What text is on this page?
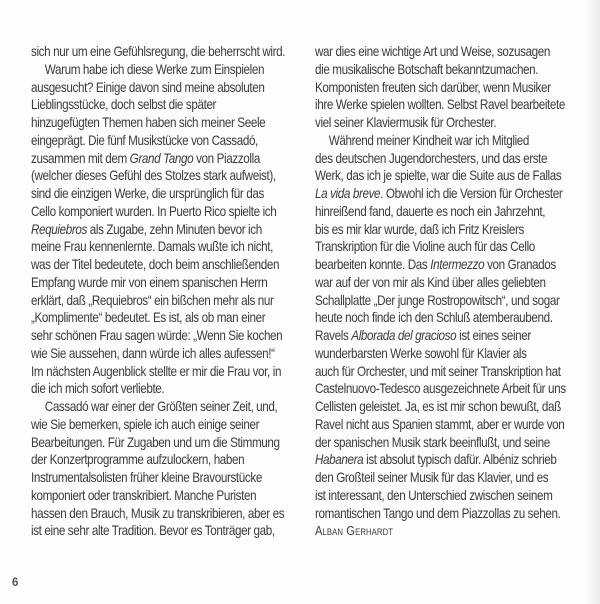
sich nur um eine Gefühlsregung, die beherrscht wird.
Warum habe ich diese Werke zum Einspielen
ausgesucht? Einige davon sind meine absoluten
Lieblingsstücke, doch selbst die später
hinzugefügten Themen haben sich meiner Seele
eingeprägt. Die fünf Musikstücke von Cassadó,
zusammen mit dem Grand Tango von Piazzolla
(welcher dieses Gefühl des Stolzes stark aufweist),
sind die einzigen Werke, die ursprünglich für das
Cello komponiert wurden. In Puerto Rico spielte ich
Requiebros als Zugabe, zehn Minuten bevor ich
meine Frau kennenlernte. Damals wußte ich nicht,
was der Titel bedeutete, doch beim anschließenden
Empfang wurde mir von einem spanischen Herrn
erklärt, daß „Requiebros“ ein bißchen mehr als nur
„Komplimente“ bedeutet. Es ist, als ob man einer
sehr schönen Frau sagen würde: „Wenn Sie kochen
wie Sie aussehen, dann würde ich alles aufessen!“
Im nächsten Augenblick stellte er mir die Frau vor, in
die ich mich sofort verliebte.
Cassadó war einer der Größten seiner Zeit, und,
wie Sie bemerken, spiele ich auch einige seiner
Bearbeitungen. Für Zugaben und um die Stimmung
der Konzertprogramme aufzulockern, haben
Instrumentalsolisten früher kleine Bravourstücke
komponiert oder transkribiert. Manche Puristen
hassen den Brauch, Musik zu transkribieren, aber es
ist eine sehr alte Tradition. Bevor es Tonträger gab,
war dies eine wichtige Art und Weise, sozusagen
die musikalische Botschaft bekanntzumachen.
Komponisten freuten sich darüber, wenn Musiker
ihre Werke spielen wollten. Selbst Ravel bearbeitete
viel seiner Klaviermusik für Orchester.
Während meiner Kindheit war ich Mitglied
des deutschen Jugendorchesters, und das erste
Werk, das ich je spielte, war die Suite aus de Fallas
La vida breve. Obwohl ich die Version für Orchester
hinreißend fand, dauerte es noch ein Jahrzehnt,
bis es mir klar wurde, daß ich Fritz Kreislers
Transkription für die Violine auch für das Cello
bearbeiten konnte. Das Intermezzo von Granados
war auf der von mir als Kind über alles geliebten
Schallplatte „Der junge Rostropowitsch“, und sogar
heute noch finde ich den Schluß atemberaubend.
Ravels Alborada del gracioso ist eines seiner
wunderbarsten Werke sowohl für Klavier als
auch für Orchester, und mit seiner Transkription hat
Castelnuovo-Tedesco ausgezeichnete Arbeit für uns
Cellisten geleistet. Ja, es ist mir schon bewußt, daß
Ravel nicht aus Spanien stammt, aber er wurde von
der spanischen Musik stark beeinflußt, und seine
Habanera ist absolut typisch dafür. Albéniz schrieb
den Großteil seiner Musik für das Klavier, und es
ist interessant, den Unterschied zwischen seinem
romantischen Tango und dem Piazzollas zu sehen.
Alban Gerhardt
6
